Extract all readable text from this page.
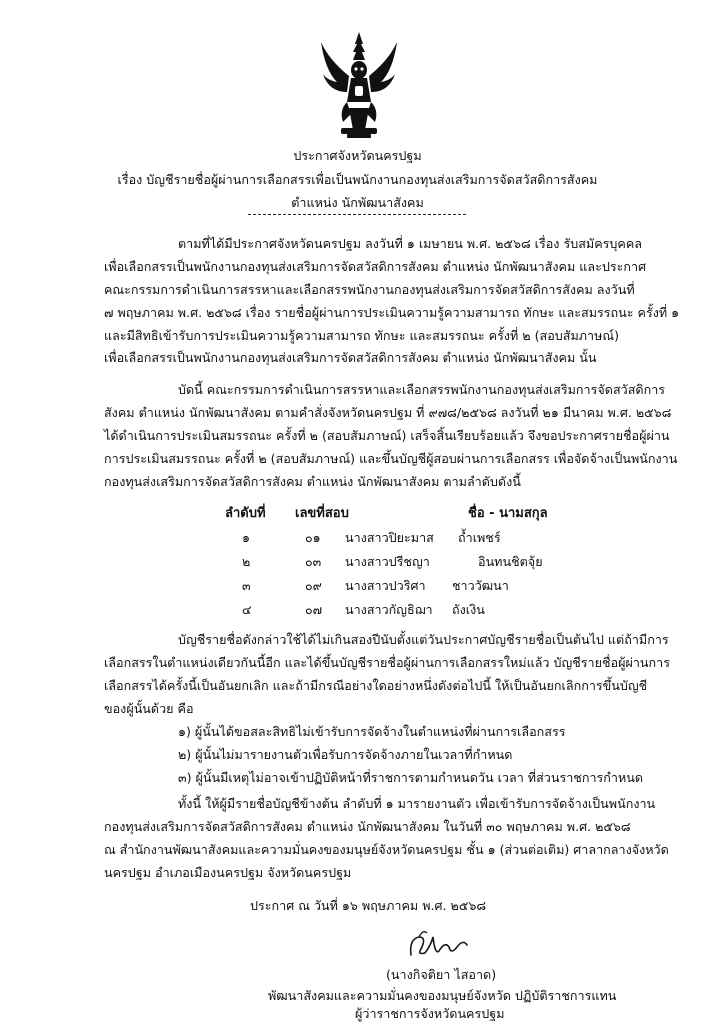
ประกาศจังหวัดนครปฐม
เรื่อง บัญชีรายชื่อผู้ผ่านการเลือกสรรเพื่อเป็นพนักงานกองทุนส่งเสริมการจัดสวัสดิการสังคม
ตำแหน่ง นักพัฒนาสังคม
ตามที่ได้มีประกาศจังหวัดนครปฐม ลงวันที่ ๑ เมษายน พ.ศ. ๒๕๖๘ เรื่อง รับสมัครบุคคล
เพื่อเลือกสรรเป็นพนักงานกองทุนส่งเสริมการจัดสวัสดิการสังคม ตำแหน่ง นักพัฒนาสังคม และประกาศ
คณะกรรมการดำเนินการสรรหาและเลือกสรรพนักงานกองทุนส่งเสริมการจัดสวัสดิการสังคม ลงวันที่
๗ พฤษภาคม พ.ศ. ๒๕๖๘ เรื่อง รายชื่อผู้ผ่านการประเมินความรู้ความสามารถ ทักษะ และสมรรถนะ ครั้งที่ ๑
และมีสิทธิเข้ารับการประเมินความรู้ความสามารถ ทักษะ และสมรรถนะ ครั้งที่ ๒ (สอบสัมภาษณ์)
เพื่อเลือกสรรเป็นพนักงานกองทุนส่งเสริมการจัดสวัสดิการสังคม ตำแหน่ง นักพัฒนาสังคม นั้น
บัดนี้ คณะกรรมการดำเนินการสรรหาและเลือกสรรพนักงานกองทุนส่งเสริมการจัดสวัสดิการ
สังคม ตำแหน่ง นักพัฒนาสังคม ตามคำสั่งจังหวัดนครปฐม ที่ ๙๗๘/๒๕๖๘ ลงวันที่ ๒๑ มีนาคม พ.ศ. ๒๕๖๘
ได้ดำเนินการประเมินสมรรถนะ ครั้งที่ ๒ (สอบสัมภาษณ์) เสร็จสิ้นเรียบร้อยแล้ว จึงขอประกาศรายชื่อผู้ผ่าน
การประเมินสมรรถนะ ครั้งที่ ๒ (สอบสัมภาษณ์) และขึ้นบัญชีผู้สอบผ่านการเลือกสรร เพื่อจัดจ้างเป็นพนักงาน
กองทุนส่งเสริมการจัดสวัสดิการสังคม ตำแหน่ง นักพัฒนาสังคม ตามลำดับดังนี้
ลำดับที่ เลขที่สอบ	ชื่อ - นามสกุล
๑	๐๑ นางสาวปิยะมาส ถ้ำเพชร์
๒	๐๓ นางสาวปรีชญา	อินทนชิตจุ้ย
๓	๐๙ นางสาวปวริศา ชาววัฒนา
๔	๐๗ นางสาวกัญธิฌา ถังเงิน
บัญชีรายชื่อดังกล่าวใช้ได้ไม่เกินสองปีนับตั้งแต่วันประกาศบัญชีรายชื่อเป็นต้นไป แต่ถ้ามีการ
เลือกสรรในตำแหน่งเดียวกันนี้อีก และได้ขึ้นบัญชีรายชื่อผู้ผ่านการเลือกสรรใหม่แล้ว บัญชีรายชื่อผู้ผ่านการ
เลือกสรรได้ครั้งนี้เป็นอันยกเลิก และถ้ามีกรณีอย่างใดอย่างหนึ่งดังต่อไปนี้ ให้เป็นอันยกเลิกการขึ้นบัญชี
ของผู้นั้นด้วย คือ
๑) ผู้นั้นได้ขอสละสิทธิไม่เข้ารับการจัดจ้างในตำแหน่งที่ผ่านการเลือกสรร
๒) ผู้นั้นไม่มารายงานตัวเพื่อรับการจัดจ้างภายในเวลาที่กำหนด
๓) ผู้นั้นมีเหตุไม่อาจเข้าปฏิบัติหน้าที่ราชการตามกำหนดวัน เวลา ที่ส่วนราชการกำหนด
ทั้งนี้ ให้ผู้มีรายชื่อบัญชีข้างต้น ลำดับที่ ๑ มารายงานตัว เพื่อเข้ารับการจัดจ้างเป็นพนักงาน
กองทุนส่งเสริมการจัดสวัสดิการสังคม ตำแหน่ง นักพัฒนาสังคม ในวันที่ ๓๐ พฤษภาคม พ.ศ. ๒๕๖๘
ณ สำนักงานพัฒนาสังคมและความมั่นคงของมนุษย์จังหวัดนครปฐม ชั้น ๑ (ส่วนต่อเติม) ศาลากลางจังหวัด
นครปฐม อำเภอเมืองนครปฐม จังหวัดนครปฐม
ประกาศ ณ วันที่ ๑๖ พฤษภาคม พ.ศ. ๒๕๖๘
(นางกิจติยา ไสอาด)
พัฒนาสังคมและความมั่นคงของมนุษย์จังหวัด ปฏิบัติราชการแทน
ผู้ว่าราชการจังหวัดนครปฐม
